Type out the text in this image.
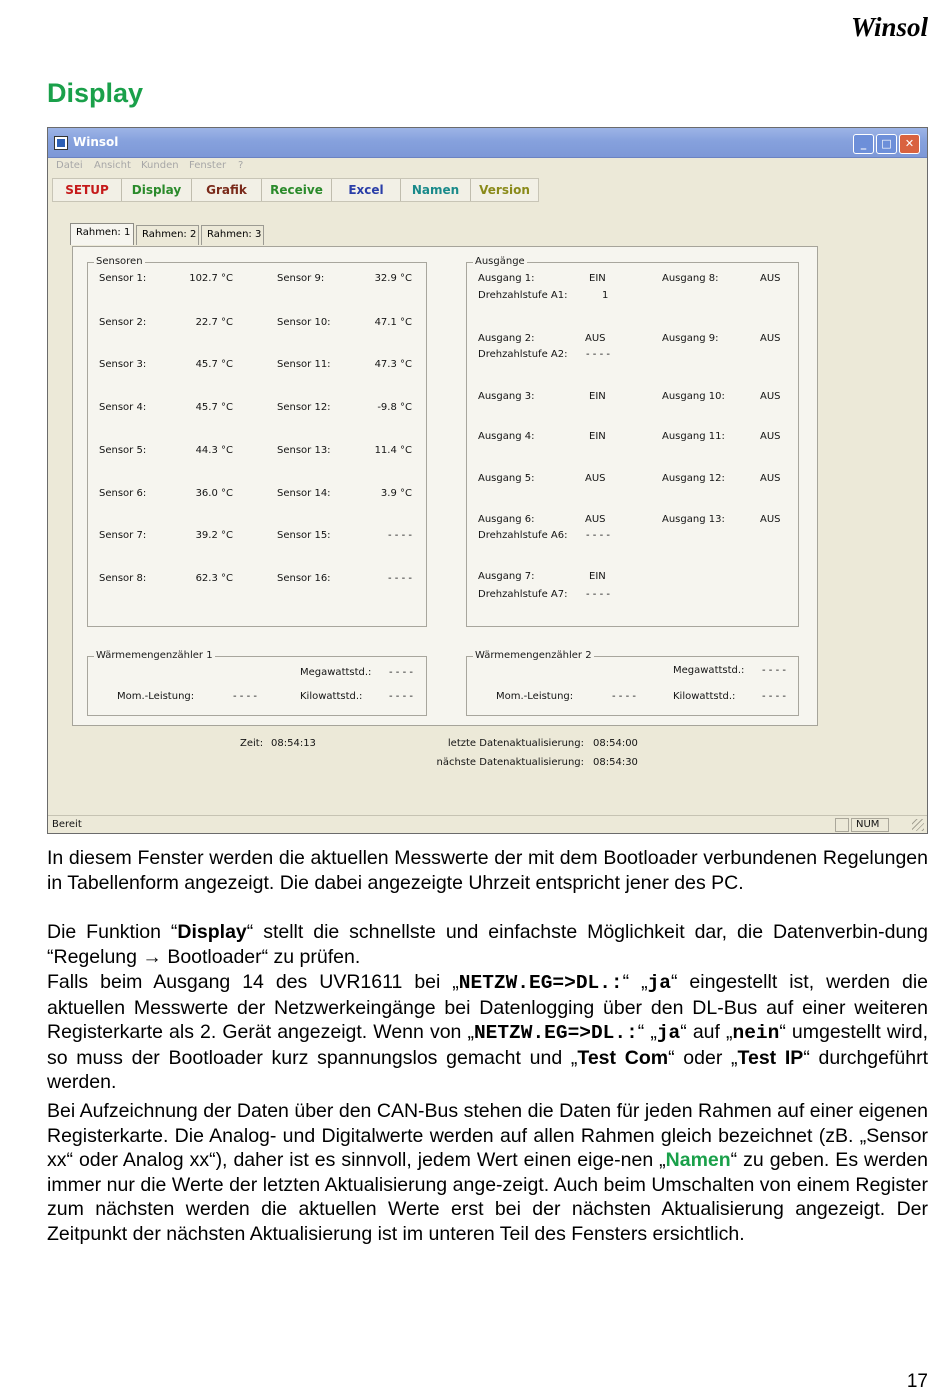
Winsol
Display
Winsol	_	□	✕
Datei Ansicht Kunden Fenster ?
SETUP	Display	Grafik	Receive	Excel	Namen	Version
Rahmen: 1	Rahmen: 2	Rahmen: 3
Sensoren	Ausgänge
Wärmemengenzähler 1	Wärmemengenzähler 2
Sensor 1:	102.7 °C
Sensor 2:	22.7 °C
Sensor 3:	45.7 °C
Sensor 4:	45.7 °C
Sensor 5:	44.3 °C
Sensor 6:	36.0 °C
Sensor 7:	39.2 °C
Sensor 8:	62.3 °C
Sensor 9:	32.9 °C
Sensor 10:	47.1 °C
Sensor 11:	47.3 °C
Sensor 12:	-9.8 °C
Sensor 13:	11.4 °C
Sensor 14:	3.9 °C
Sensor 15:	- - - -
Sensor 16:	- - - -
Ausgang 1:	EIN
Drehzahlstufe A1:	1
Ausgang 2:	AUS
Drehzahlstufe A2: - - - -
Ausgang 3:	EIN
Ausgang 4:	EIN
Ausgang 5:	AUS
Ausgang 6:	AUS
Drehzahlstufe A6: - - - -
Ausgang 7:	EIN
Drehzahlstufe A7: - - - -
Ausgang 8:	AUS
Ausgang 9:	AUS
Ausgang 10:	AUS
Ausgang 11:	AUS
Ausgang 12:	AUS
Ausgang 13:	AUS
Megawattstd.: - - - -
Mom.-Leistung:	- - - -	Kilowattstd.:	- - - -
Megawattstd.: - - - -
Mom.-Leistung:	- - - -	Kilowattstd.:	- - - -
Zeit: 08:54:13	letzte Datenaktualisierung: 08:54:00
nächste Datenaktualisierung: 08:54:30
Bereit	NUM
In diesem Fenster werden die aktuellen Messwerte der mit dem Bootloader verbundenen Regelungen in Tabellenform angezeigt. Die dabei angezeigte Uhrzeit entspricht jener des PC.
Die Funktion “Display“ stellt die schnellste und einfachste Möglichkeit dar, die Datenverbin-dung “Regelung → Bootloader“ zu prüfen.
Falls beim Ausgang 14 des UVR1611 bei „NETZW.EG=>DL.:“ „ja“ eingestellt ist, werden die aktuellen Messwerte der Netzwerkeingänge bei Datenlogging über den DL-Bus auf einer weiteren Registerkarte als 2. Gerät angezeigt. Wenn von „NETZW.EG=>DL.:“ „ja“ auf „nein“ umgestellt wird, so muss der Bootloader kurz spannungslos gemacht und „Test Com“ oder „Test IP“ durchgeführt werden.
Bei Aufzeichnung der Daten über den CAN-Bus stehen die Daten für jeden Rahmen auf einer eigenen Registerkarte. Die Analog- und Digitalwerte werden auf allen Rahmen gleich bezeichnet (zB. „Sensor xx“ oder Analog xx“), daher ist es sinnvoll, jedem Wert einen eige-nen „Namen“ zu geben. Es werden immer nur die Werte der letzten Aktualisierung ange-zeigt. Auch beim Umschalten von einem Register zum nächsten werden die aktuellen Werte erst bei der nächsten Aktualisierung angezeigt. Der Zeitpunkt der nächsten Aktualisierung ist im unteren Teil des Fensters ersichtlich.
17
